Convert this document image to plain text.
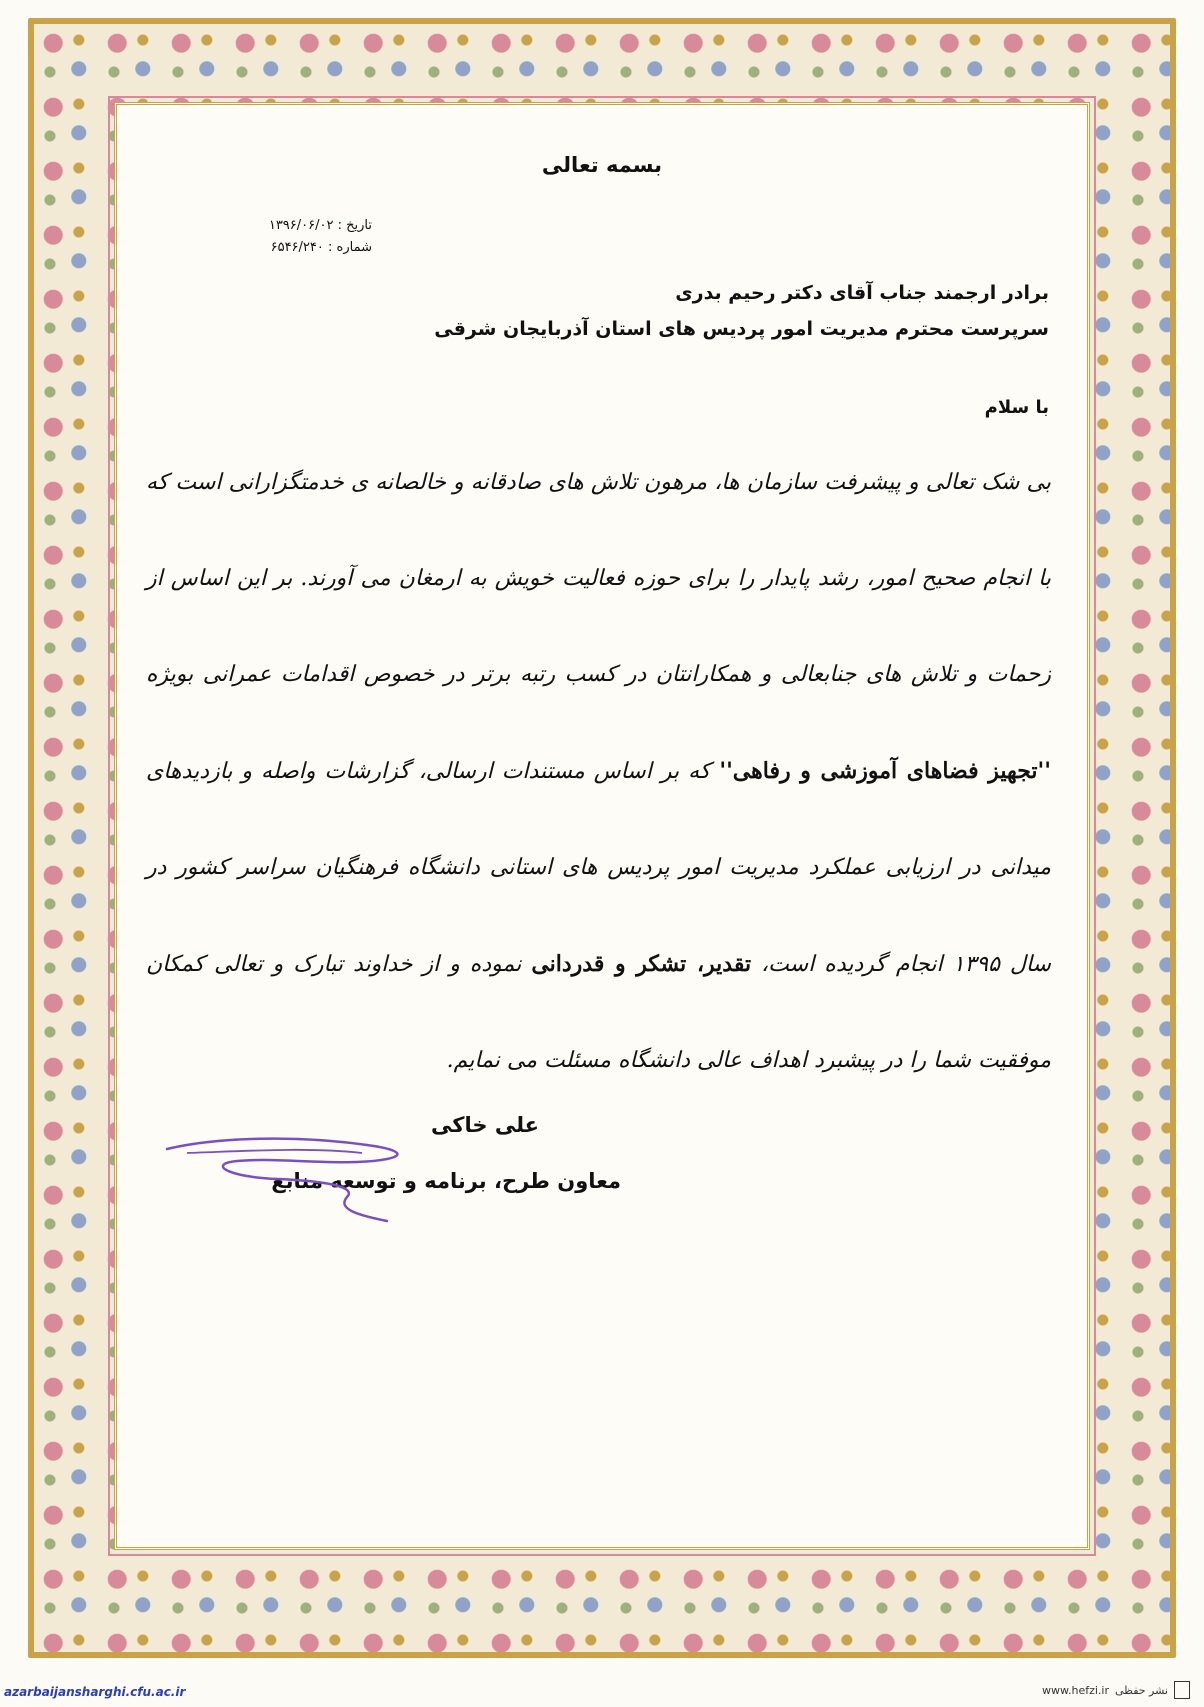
بسمه تعالی
تاریخ : ۱۳۹۶/۰۶/۰۲
شماره : ۶۵۴۶/۲۴۰
برادر ارجمند جناب آقای دکتر رحیم بدری
سرپرست محترم مدیریت امور پردیس های استان آذربایجان شرقی
با سلام

بی شک تعالی و پیشرفت سازمان ها، مرهون تلاش های صادقانه و خالصانه ی خدمتگزارانی است که با انجام صحیح امور، رشد پایدار را برای حوزه فعالیت خویش به ارمغان می آورند. بر این اساس از زحمات و تلاش های جنابعالی و همکارانتان در کسب رتبه برتر در خصوص اقدامات عمرانی بویژه ''تجهیز فضاهای آموزشی و رفاهی'' که بر اساس مستندات ارسالی، گزارشات واصله و بازدیدهای میدانی در ارزیابی عملکرد مدیریت امور پردیس های استانی دانشگاه فرهنگیان سراسر کشور در سال ۱۳۹۵ انجام گردیده است، تقدیر، تشکر و قدردانی نموده و از خداوند تبارک و تعالی کمکان موفقیت شما را در پیشبرد اهداف عالی دانشگاه مسئلت می نمایم.

علی خاکی
معاون طرح، برنامه و توسعه منابع
azarbaijansharghi.cfu.ac.ir	www.hefzi.ir نشر حفظی
